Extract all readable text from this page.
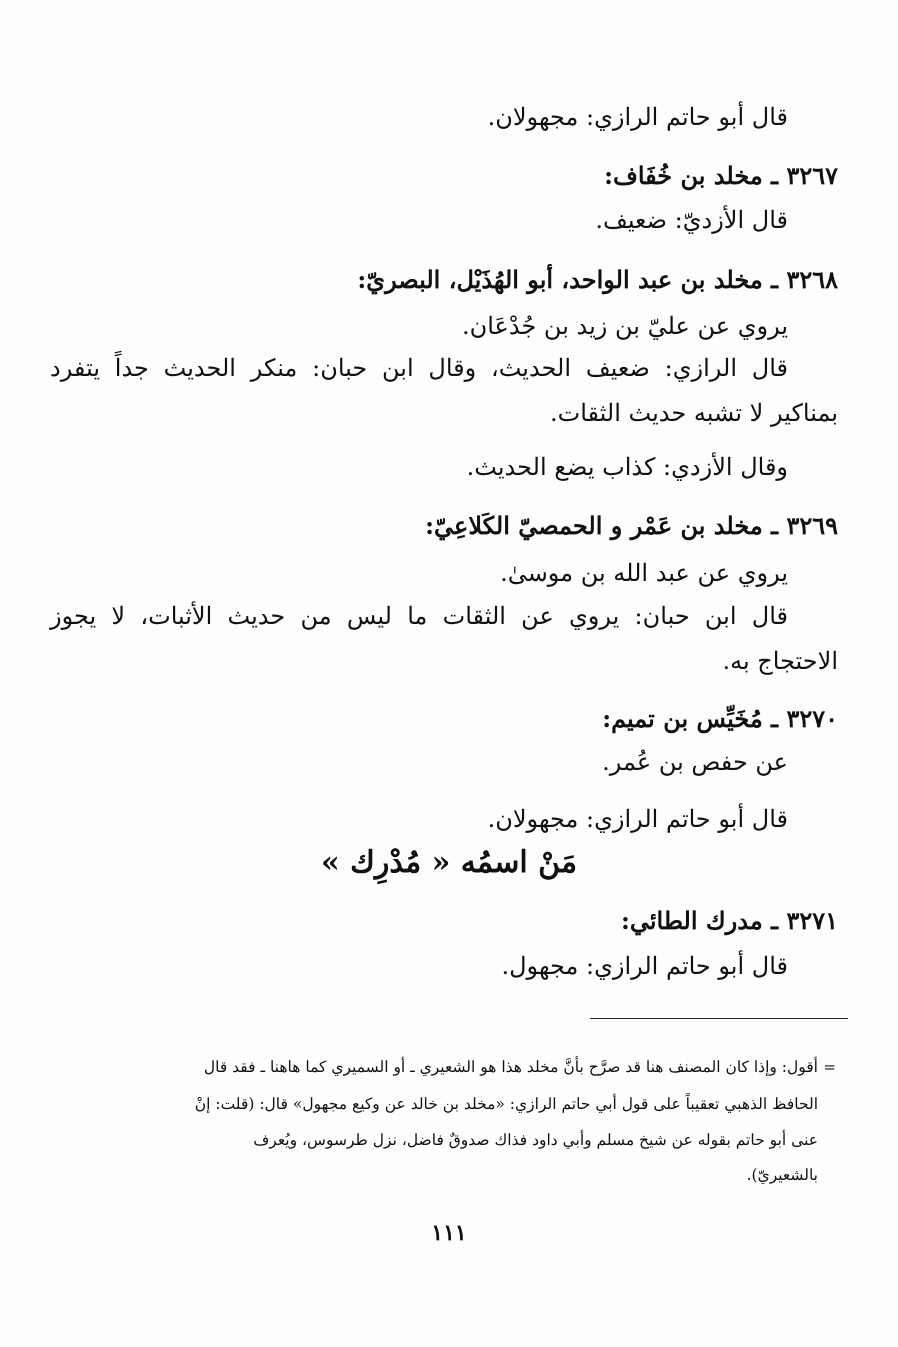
قال أبو حاتم الرازي: مجهولان.
٣٢٦٧ ـ مخلد بن خُفَاف:
قال الأزديّ: ضعيف.
٣٢٦٨ ـ مخلد بن عبد الواحد، أبو الهُذَيْل، البصريّ:
يروي عن عليّ بن زيد بن جُدْعَان.
قال الرازي: ضعيف الحديث، وقال ابن حبان: منكر الحديث جداً يتفرد
بمناكير لا تشبه حديث الثقات.
وقال الأزدي: كذاب يضع الحديث.
٣٢٦٩ ـ مخلد بن عَمْر و الحمصيّ الكَلاعِيّ:
يروي عن عبد الله بن موسىٰ.
قال ابن حبان: يروي عن الثقات ما ليس من حديث الأثبات، لا يجوز
الاحتجاج به.
٣٢٧٠ ـ مُخَيِّس بن تميم:
عن حفص بن عُمر.
قال أبو حاتم الرازي: مجهولان.
مَنْ اسمُه « مُدْرِك »
٣٢٧١ ـ مدرك الطائي:
قال أبو حاتم الرازي: مجهول.
=
أقول: وإذا كان المصنف هنا قد صرَّح بأنَّ مخلد هذا هو الشعيري ـ أو السميري كما هاهنا ـ فقد قال
الحافظ الذهبي تعقيباً على قول أبي حاتم الرازي: «مخلد بن خالد عن وكيع مجهول» قال: (قلت: إنْ
عنى أبو حاتم بقوله عن شيخ مسلم وأبي داود فذاك صدوقٌ فاضل، نزل طرسوس، ويُعرف
بالشعيريّ).
١١١
